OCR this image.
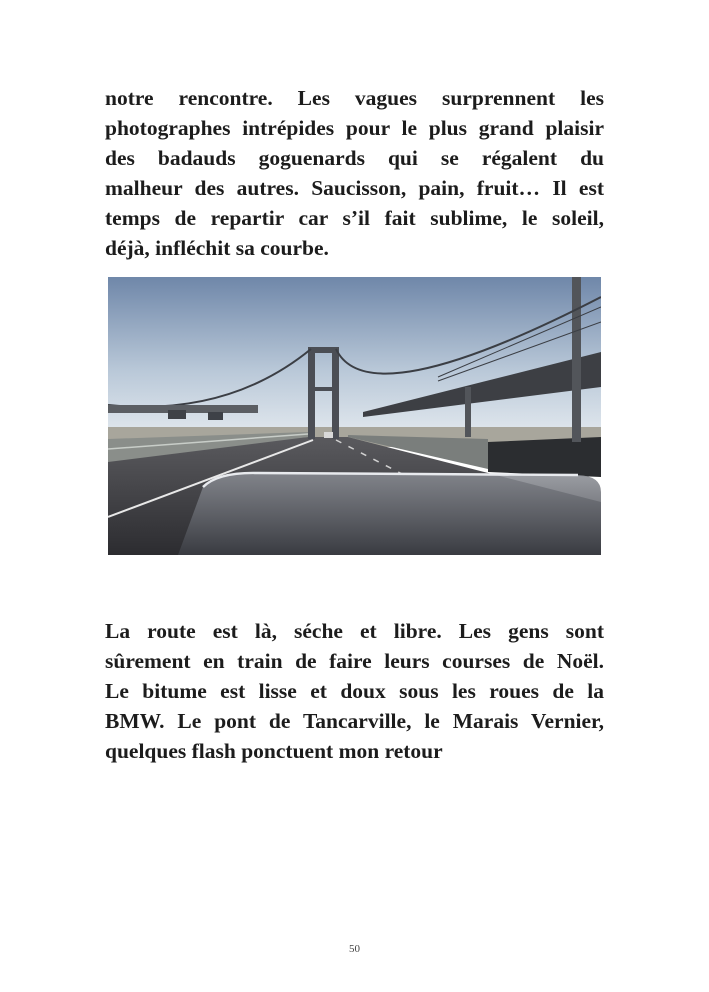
notre rencontre. Les vagues surprennent les
photographes intrépides pour le plus grand plaisir
des badauds goguenards qui se régalent du
malheur des autres. Saucisson, pain, fruit… Il est
temps de repartir car s’il fait sublime, le soleil,
déjà, infléchit sa courbe.

La route est là, séche et libre. Les gens sont
sûrement en train de faire leurs courses de Noël.
Le bitume est lisse et doux sous les roues de la
BMW. Le pont de Tancarville, le Marais Vernier,
quelques flash ponctuent mon retour

50
